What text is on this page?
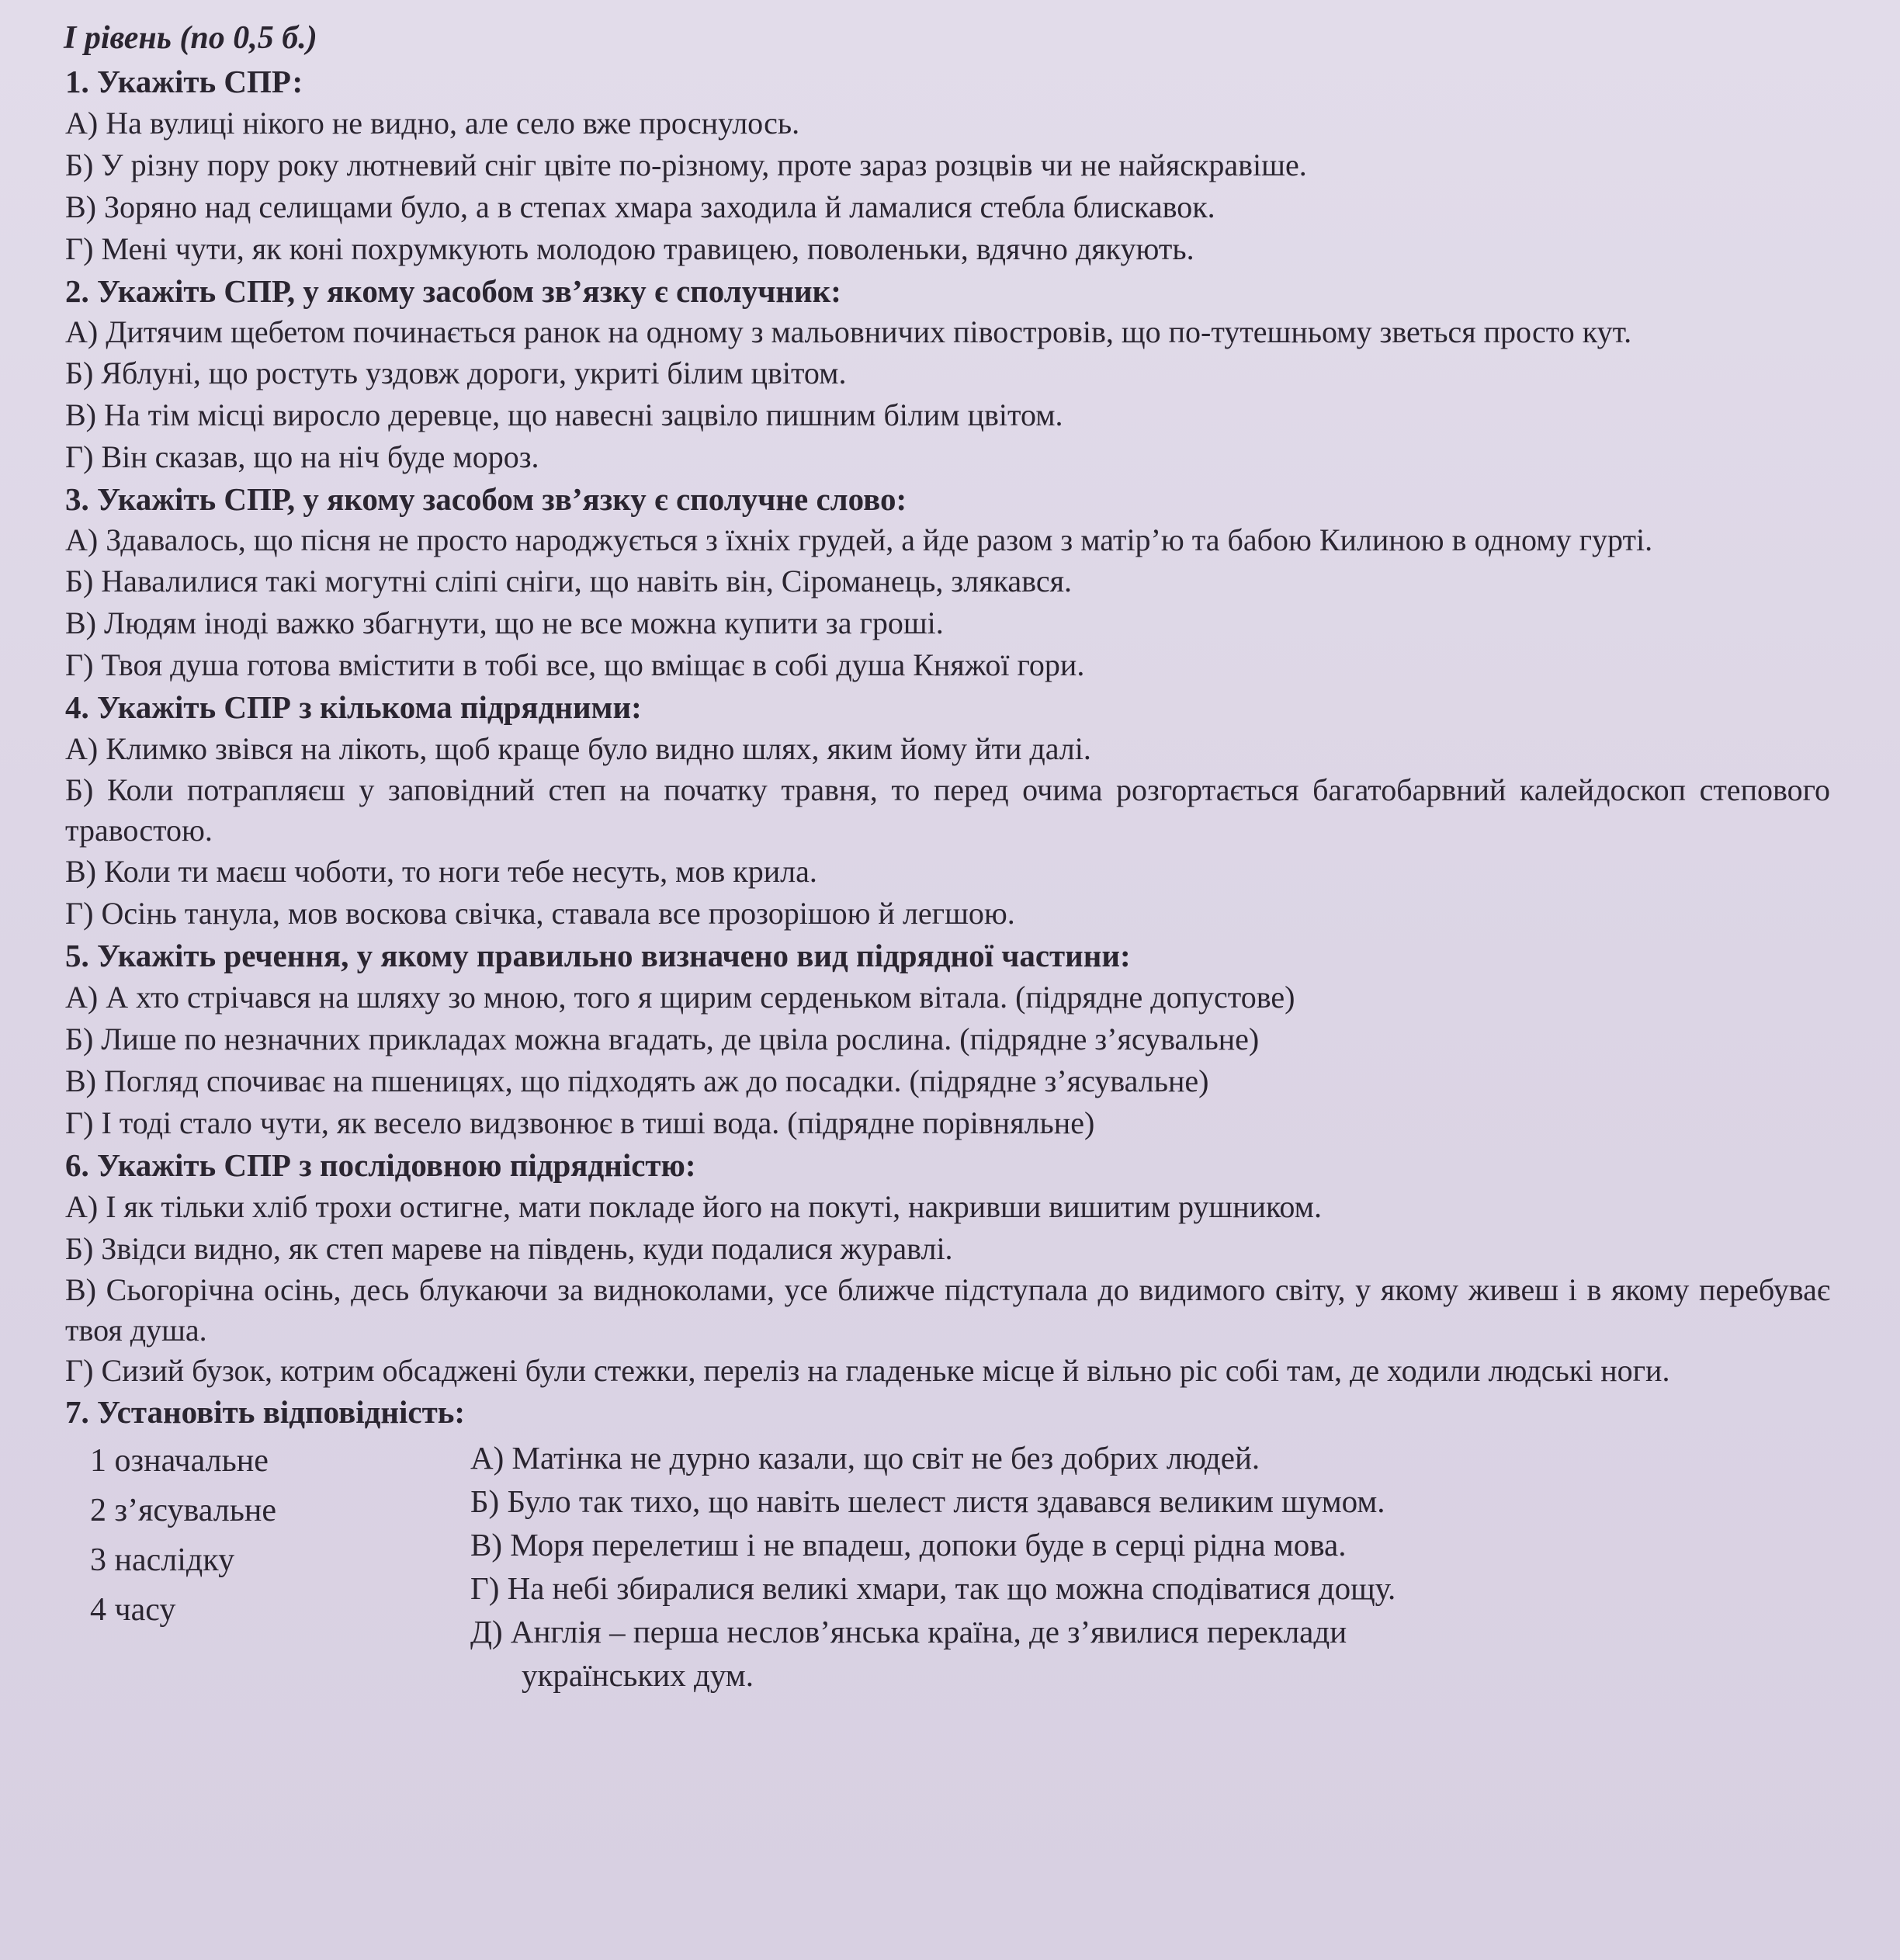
І рівень (по 0,5 б.)
1. Укажіть СПР:
А) На вулиці нікого не видно, але село вже проснулось.
Б) У різну пору року лютневий сніг цвіте по-різному, проте зараз розцвів чи не найяскравіше.
В) Зоряно над селищами було, а в степах хмара заходила й ламалися стебла блискавок.
Г) Мені чути, як коні похрумкують молодою травицею, поволеньки, вдячно дякують.
2. Укажіть СПР, у якому засобом зв’язку є сполучник:
А) Дитячим щебетом починається ранок на одному з мальовничих півостровів, що по-тутешньому зветься просто кут.
Б) Яблуні, що ростуть уздовж дороги, укриті білим цвітом.
В) На тім місці виросло деревце, що навесні зацвіло пишним білим цвітом.
Г) Він сказав, що на ніч буде мороз.
3. Укажіть СПР, у якому засобом зв’язку є сполучне слово:
А) Здавалось, що пісня не просто народжується з їхніх грудей, а йде разом з матір’ю та бабою Килиною в одному гурті.
Б) Навалилися такі могутні сліпі сніги, що навіть він, Сіроманець, злякався.
В) Людям іноді важко збагнути, що не все можна купити за гроші.
Г) Твоя душа готова вмістити в тобі все, що вміщає в собі душа Княжої гори.
4. Укажіть СПР з кількома підрядними:
А) Климко звівся на лікоть, щоб краще було видно шлях, яким йому йти далі.
Б) Коли потрапляєш у заповідний степ на початку травня, то перед очима розгортається багатобарвний калейдоскоп степового травостою.
В) Коли ти маєш чоботи, то ноги тебе несуть, мов крила.
Г) Осінь танула, мов воскова свічка, ставала все прозорішою й легшою.
5. Укажіть речення, у якому правильно визначено вид підрядної частини:
А) А хто стрічався на шляху зо мною, того я щирим серденьком вітала. (підрядне допустове)
Б) Лише по незначних прикладах можна вгадать, де цвіла рослина. (підрядне з’ясувальне)
В) Погляд спочиває на пшеницях, що підходять аж до посадки. (підрядне з’ясувальне)
Г) І тоді стало чути, як весело видзвонює в тиші вода. (підрядне порівняльне)
6. Укажіть СПР з послідовною підрядністю:
А) І як тільки хліб трохи остигне, мати покладе його на покуті, накривши вишитим рушником.
Б) Звідси видно, як степ мареве на південь, куди подалися журавлі.
В) Сьогорічна осінь, десь блукаючи за видноколами, усе ближче підступала до видимого світу, у якому живеш і в якому перебуває твоя душа.
Г) Сизий бузок, котрим обсаджені були стежки, переліз на гладеньке місце й вільно ріс собі там, де ходили людські ноги.
7. Установіть відповідність:
1 означальне
2 з’ясувальне
3 наслідку
4 часу
А) Матінка не дурно казали, що світ не без добрих людей.
Б) Було так тихо, що навіть шелест листя здавався великим шумом.
В) Моря перелетиш і не впадеш, допоки буде в серці рідна мова.
Г) На небі збиралися великі хмари, так що можна сподіватися дощу.
Д) Англія – перша неслов’янська країна, де з’явилися переклади
українських дум.
